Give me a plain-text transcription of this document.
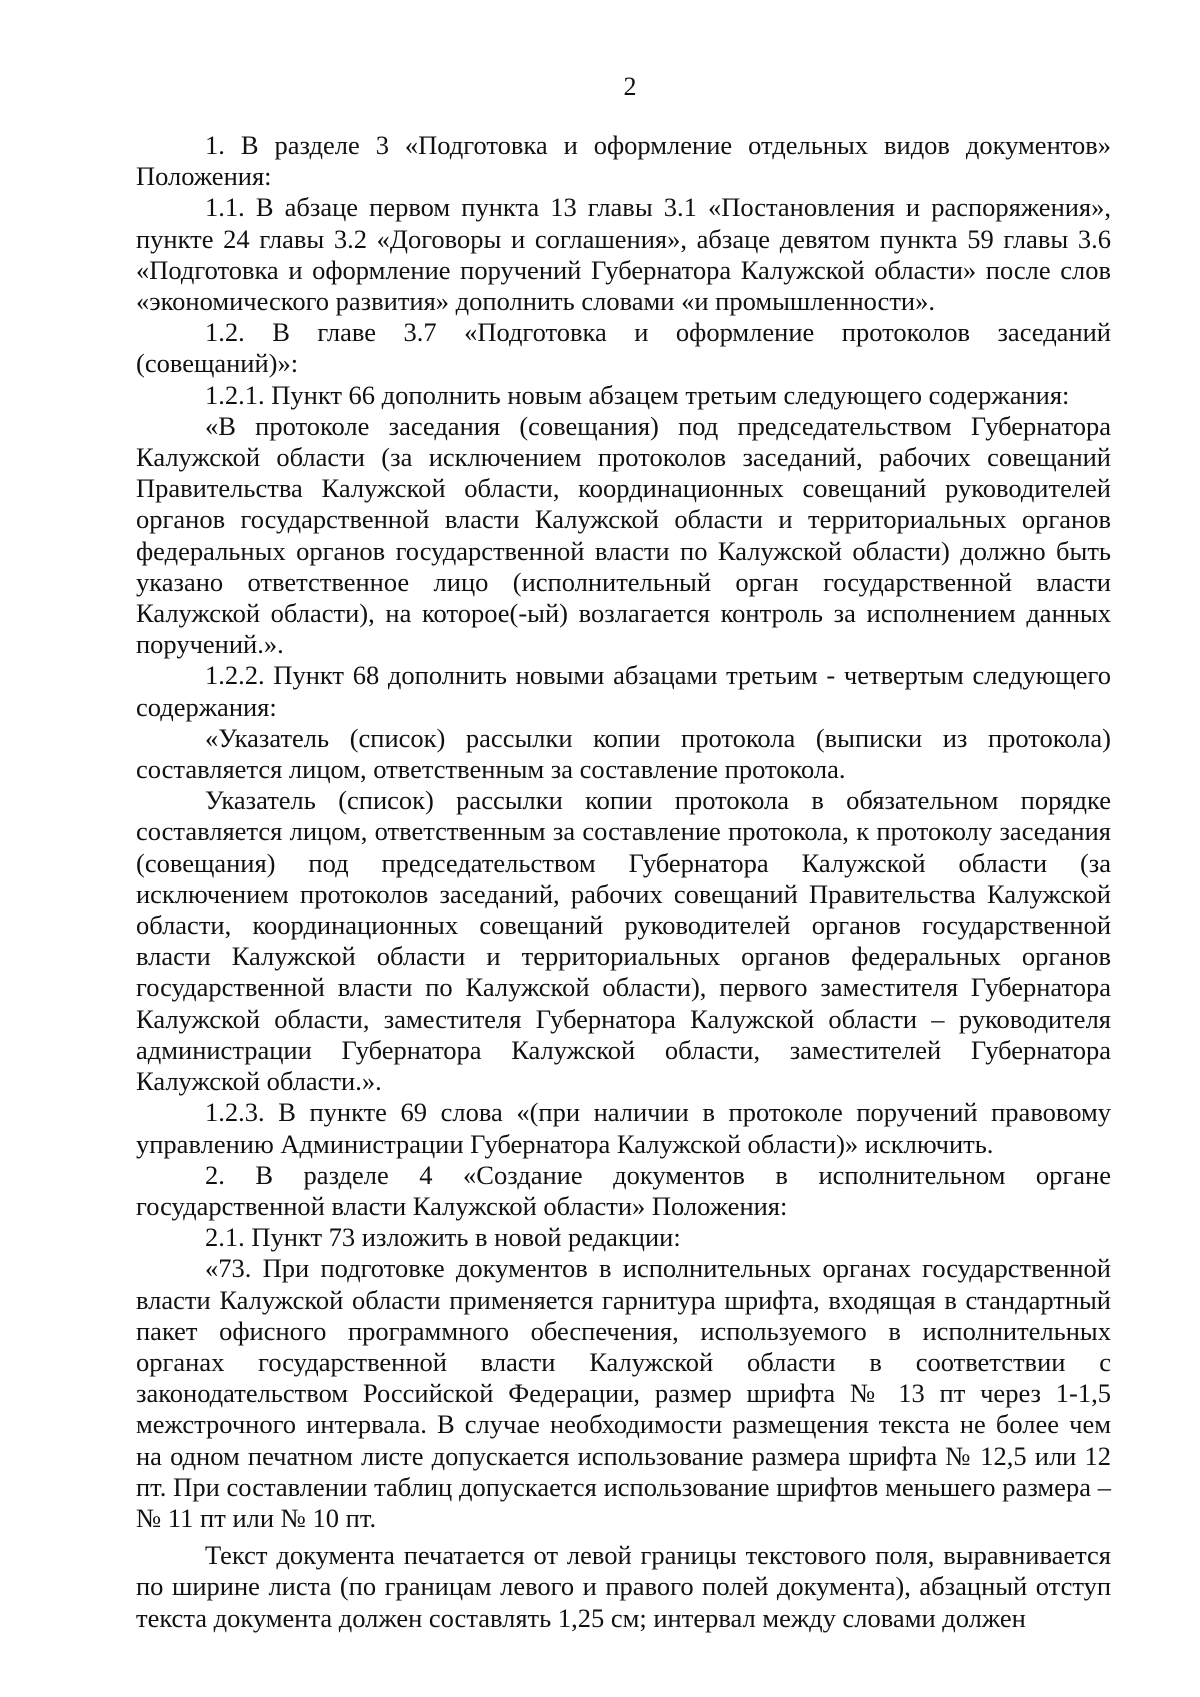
2

1. В разделе 3 «Подготовка и оформление отдельных видов документов» Положения:

1.1. В абзаце первом пункта 13 главы 3.1 «Постановления и распоряжения», пункте 24 главы 3.2 «Договоры и соглашения», абзаце девятом пункта 59 главы 3.6 «Подготовка и оформление поручений Губернатора Калужской области» после слов «экономического развития» дополнить словами «и промышленности».

1.2. В главе 3.7 «Подготовка и оформление протоколов заседаний (совещаний)»:

1.2.1. Пункт 66 дополнить новым абзацем третьим следующего содержания:

«В протоколе заседания (совещания) под председательством Губернатора Калужской области (за исключением протоколов заседаний, рабочих совещаний Правительства Калужской области, координационных совещаний руководителей органов государственной власти Калужской области и территориальных органов федеральных органов государственной власти по Калужской области) должно быть указано ответственное лицо (исполнительный орган государственной власти Калужской области), на которое(-ый) возлагается контроль за исполнением данных поручений.».

1.2.2. Пункт 68 дополнить новыми абзацами третьим - четвертым следующего содержания:

«Указатель (список) рассылки копии протокола (выписки из протокола) составляется лицом, ответственным за составление протокола.

Указатель (список) рассылки копии протокола в обязательном порядке составляется лицом, ответственным за составление протокола, к протоколу заседания (совещания) под председательством Губернатора Калужской области (за исключением протоколов заседаний, рабочих совещаний Правительства Калужской области, координационных совещаний руководителей органов государственной власти Калужской области и территориальных органов федеральных органов государственной власти по Калужской области), первого заместителя Губернатора Калужской области, заместителя Губернатора Калужской области – руководителя администрации Губернатора Калужской области, заместителей Губернатора Калужской области.».

1.2.3. В пункте 69 слова «(при наличии в протоколе поручений правовому управлению Администрации Губернатора Калужской области)» исключить.

2. В разделе 4 «Создание документов в исполнительном органе государственной власти Калужской области» Положения:

2.1. Пункт 73 изложить в новой редакции:

«73. При подготовке документов в исполнительных органах государственной власти Калужской области применяется гарнитура шрифта, входящая в стандартный пакет офисного программного обеспечения, используемого в исполнительных органах государственной власти Калужской области в соответствии с законодательством Российской Федерации, размер шрифта № 13 пт через 1-1,5 межстрочного интервала. В случае необходимости размещения текста не более чем на одном печатном листе допускается использование размера шрифта № 12,5 или 12 пт. При составлении таблиц допускается использование шрифтов меньшего размера – № 11 пт или № 10 пт.

Текст документа печатается от левой границы текстового поля, выравнивается по ширине листа (по границам левого и правого полей документа), абзацный отступ текста документа должен составлять 1,25 см; интервал между словами должен
